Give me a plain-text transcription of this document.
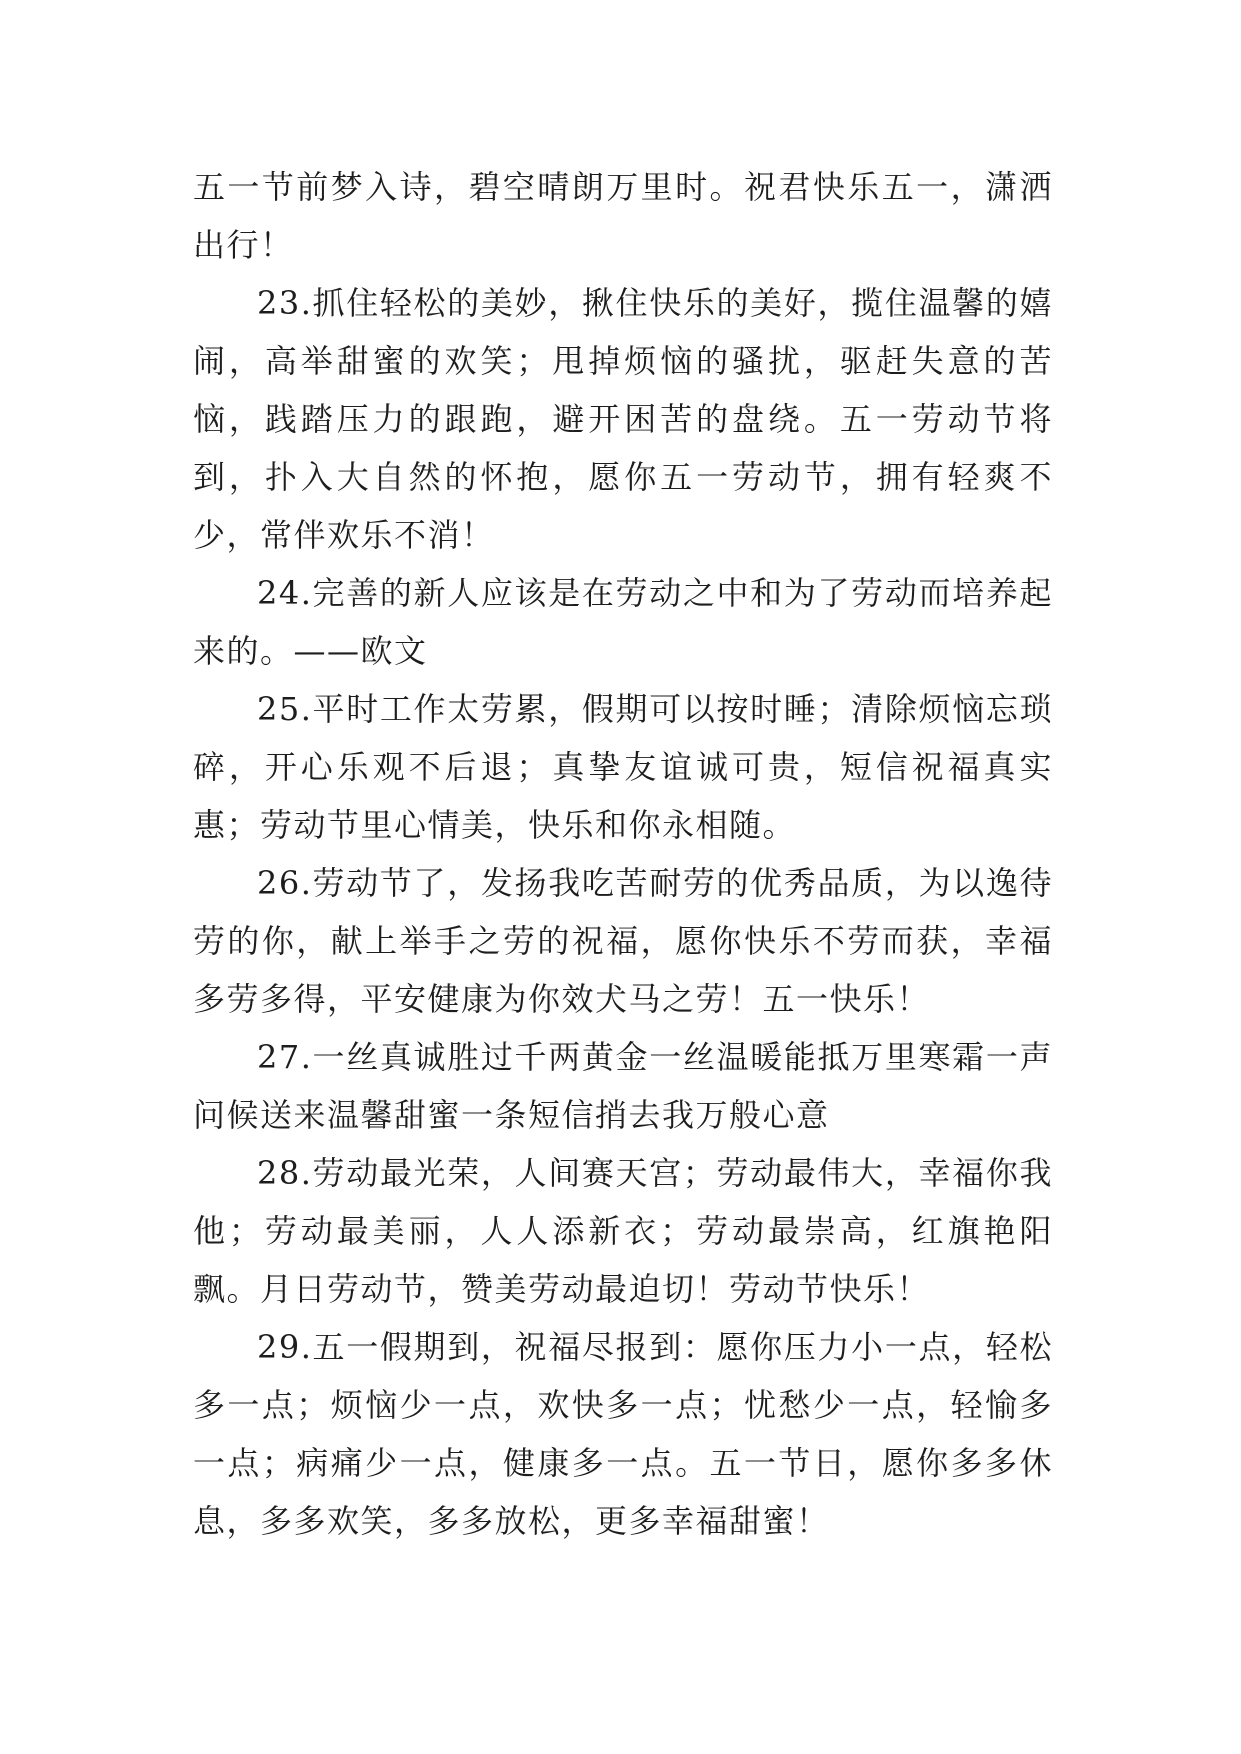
五一节前梦入诗，碧空晴朗万里时。祝君快乐五一，潇洒出行！

23.抓住轻松的美妙，揪住快乐的美好，揽住温馨的嬉闹，高举甜蜜的欢笑；甩掉烦恼的骚扰，驱赶失意的苦恼，践踏压力的跟跑，避开困苦的盘绕。五一劳动节将到，扑入大自然的怀抱，愿你五一劳动节，拥有轻爽不少，常伴欢乐不消！

24.完善的新人应该是在劳动之中和为了劳动而培养起来的。——欧文

25.平时工作太劳累，假期可以按时睡；清除烦恼忘琐碎，开心乐观不后退；真挚友谊诚可贵，短信祝福真实惠；劳动节里心情美，快乐和你永相随。

26.劳动节了，发扬我吃苦耐劳的优秀品质，为以逸待劳的你，献上举手之劳的祝福，愿你快乐不劳而获，幸福多劳多得，平安健康为你效犬马之劳！五一快乐！

27.一丝真诚胜过千两黄金一丝温暖能抵万里寒霜一声问候送来温馨甜蜜一条短信捎去我万般心意

28.劳动最光荣，人间赛天宫；劳动最伟大，幸福你我他；劳动最美丽，人人添新衣；劳动最崇高，红旗艳阳飘。月日劳动节，赞美劳动最迫切！劳动节快乐！

29.五一假期到，祝福尽报到：愿你压力小一点，轻松多一点；烦恼少一点，欢快多一点；忧愁少一点，轻愉多一点；病痛少一点，健康多一点。五一节日，愿你多多休息，多多欢笑，多多放松，更多幸福甜蜜！
